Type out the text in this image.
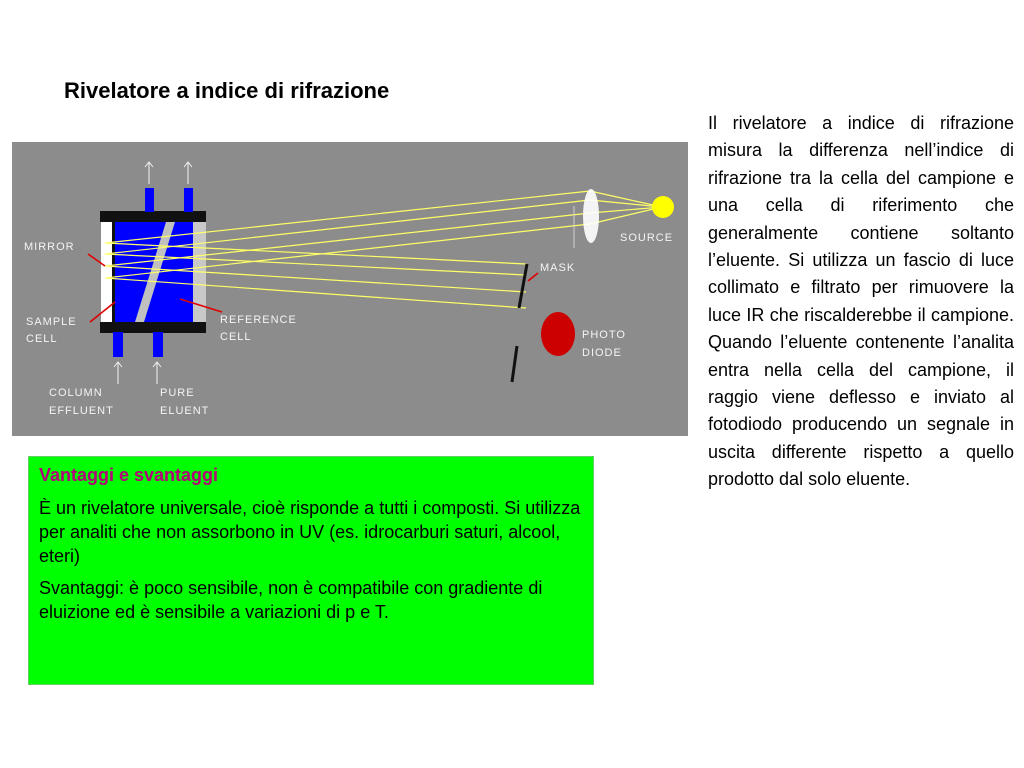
Rivelatore a indice di rifrazione

Il rivelatore a indice di rifrazione misura la differenza nell’indice di rifrazione tra la cella del campione e una cella di riferimento che generalmente contiene soltanto l’eluente. Si utilizza un fascio di luce collimato e filtrato per rimuovere la luce IR che riscalderebbe il campione. Quando l’eluente contenente l’analita entra nella cella del campione, il raggio viene deflesso e inviato al fotodiodo producendo un segnale in uscita differente rispetto a quello prodotto dal solo eluente.

MIRROR
SAMPLE
CELL
REFERENCE
CELL
COLUMN
EFFLUENT
PURE
ELUENT
SOURCE
MASK
PHOTO
DIODE
Vantaggi e svantaggi

È un rivelatore universale, cioè risponde a tutti i composti. Si utilizza per analiti che non assorbono in UV (es. idrocarburi saturi, alcool, eteri)

Svantaggi: è poco sensibile, non è compatibile con gradiente di eluizione ed è sensibile a variazioni di p e T.
